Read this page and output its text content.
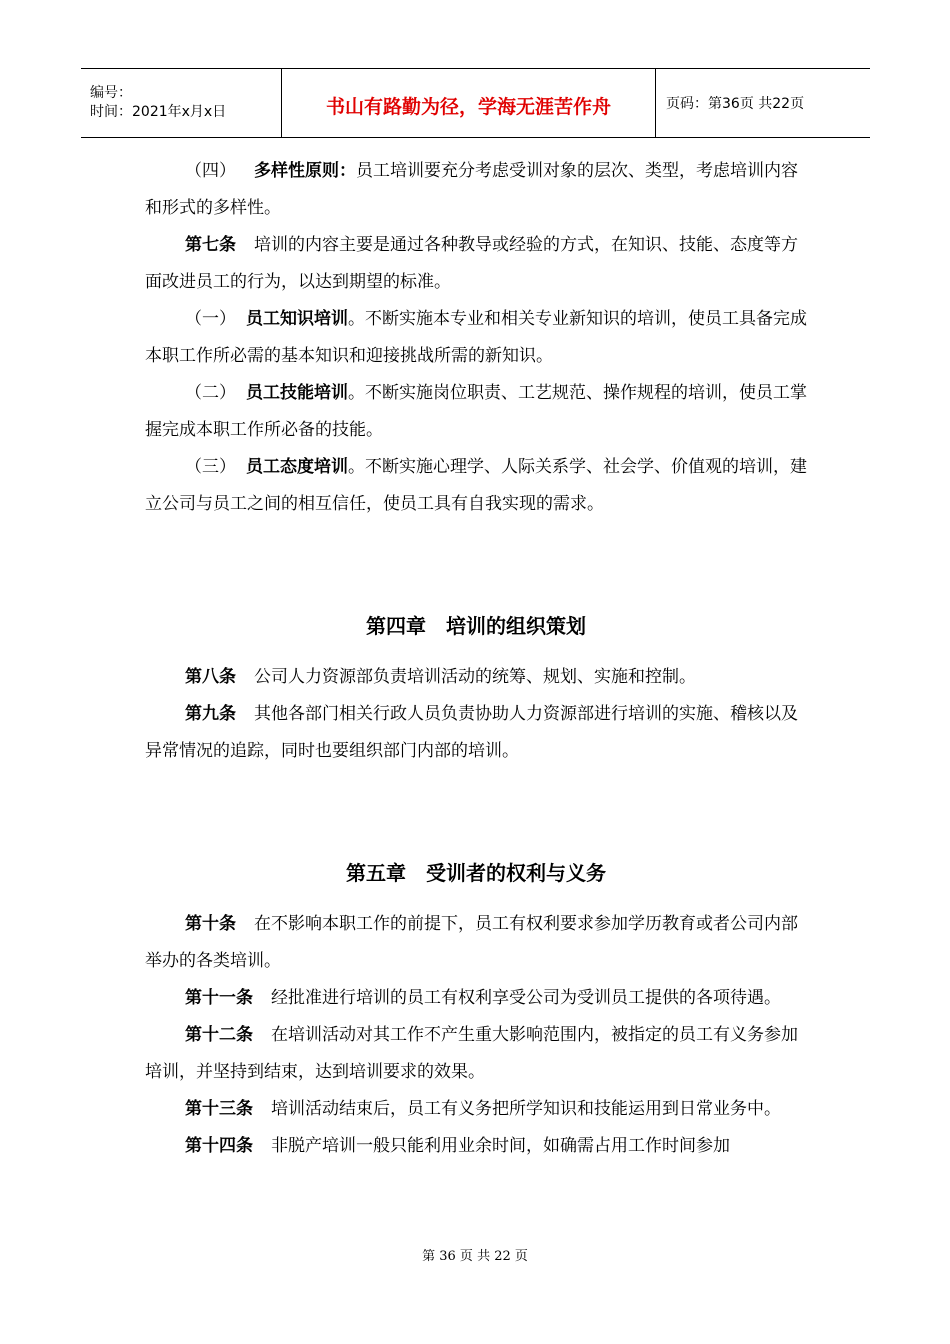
编号：
时间：2021年x月x日	书山有路勤为径，学海无涯苦作舟	页码：第36页 共22页

（四） 多样性原则：员工培训要充分考虑受训对象的层次、类型，考虑培训内容和形式的多样性。

第七条 培训的内容主要是通过各种教导或经验的方式，在知识、技能、态度等方面改进员工的行为，以达到期望的标准。

（一） 员工知识培训。不断实施本专业和相关专业新知识的培训，使员工具备完成本职工作所必需的基本知识和迎接挑战所需的新知识。

（二） 员工技能培训。不断实施岗位职责、工艺规范、操作规程的培训，使员工掌握完成本职工作所必备的技能。

（三） 员工态度培训。不断实施心理学、人际关系学、社会学、价值观的培训，建立公司与员工之间的相互信任，使员工具有自我实现的需求。

第四章　培训的组织策划

第八条 公司人力资源部负责培训活动的统筹、规划、实施和控制。

第九条 其他各部门相关行政人员负责协助人力资源部进行培训的实施、稽核以及异常情况的追踪，同时也要组织部门内部的培训。

第五章　受训者的权利与义务

第十条 在不影响本职工作的前提下，员工有权利要求参加学历教育或者公司内部举办的各类培训。

第十一条 经批准进行培训的员工有权利享受公司为受训员工提供的各项待遇。

第十二条 在培训活动对其工作不产生重大影响范围内，被指定的员工有义务参加培训，并坚持到结束，达到培训要求的效果。

第十三条 培训活动结束后，员工有义务把所学知识和技能运用到日常业务中。

第十四条 非脱产培训一般只能利用业余时间，如确需占用工作时间参加

第 36 页 共 22 页
